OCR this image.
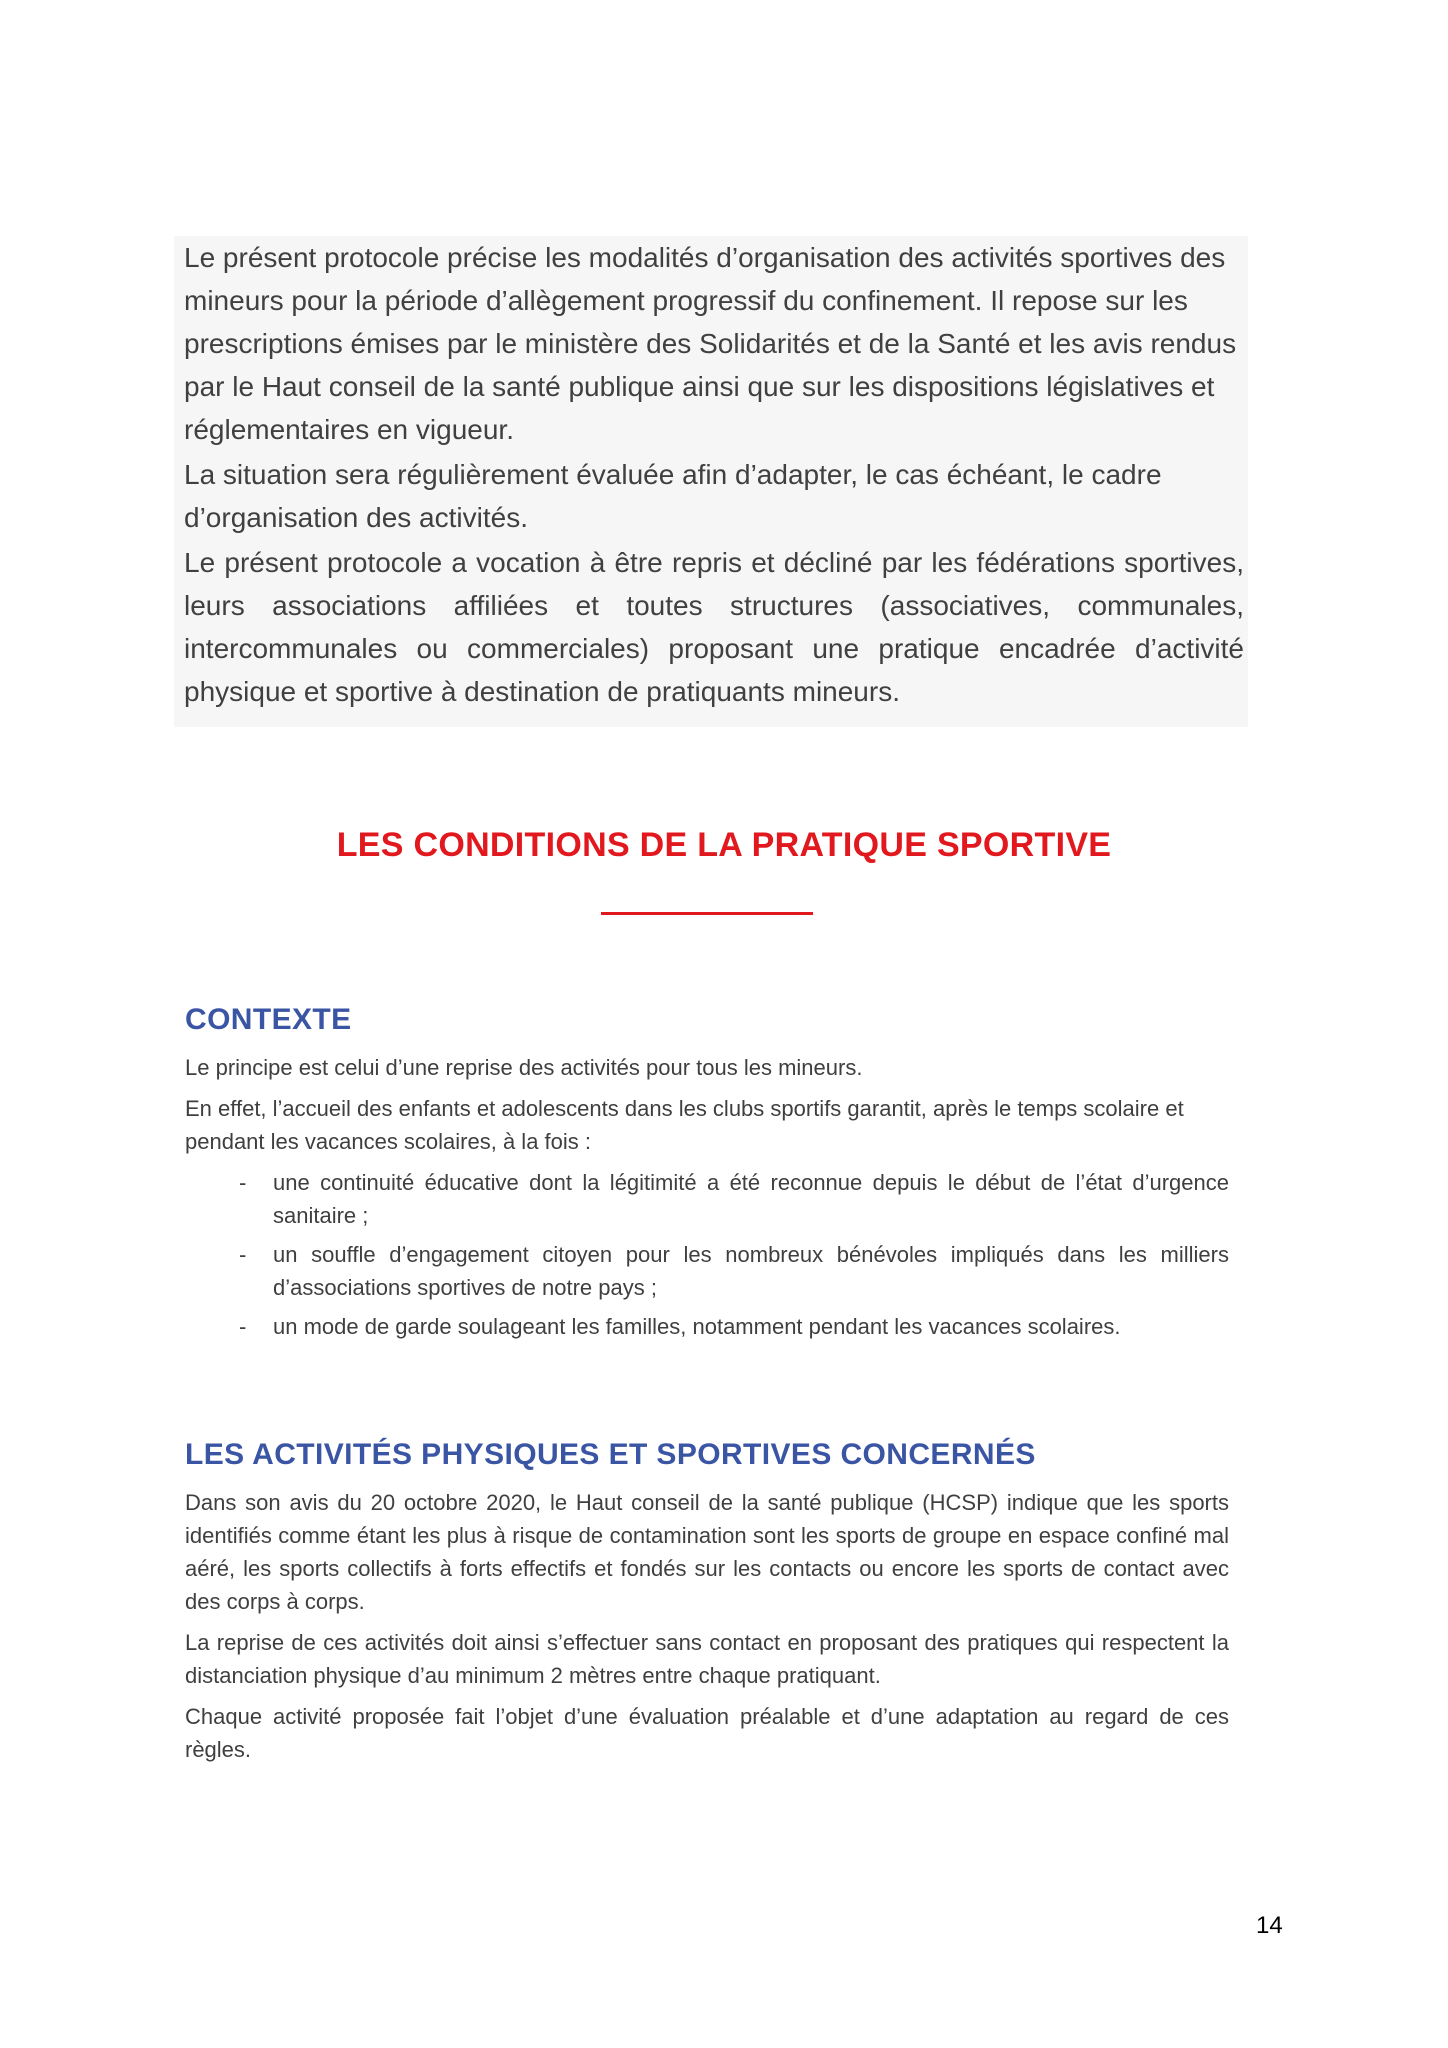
Le présent protocole précise les modalités d’organisation des activités sportives des mineurs pour la période d’allègement progressif du confinement. Il repose sur les prescriptions émises par le ministère des Solidarités et de la Santé et les avis rendus par le Haut conseil de la santé publique ainsi que sur les dispositions législatives et réglementaires en vigueur.

La situation sera régulièrement évaluée afin d’adapter, le cas échéant, le cadre d’organisation des activités.

Le présent protocole a vocation à être repris et décliné par les fédérations sportives, leurs associations affiliées et toutes structures (associatives, communales, intercommunales ou commerciales) proposant une pratique encadrée d’activité physique et sportive à destination de pratiquants mineurs.

LES CONDITIONS DE LA PRATIQUE SPORTIVE
CONTEXTE

Le principe est celui d’une reprise des activités pour tous les mineurs.

En effet, l’accueil des enfants et adolescents dans les clubs sportifs garantit, après le temps scolaire et pendant les vacances scolaires, à la fois :

- une continuité éducative dont la légitimité a été reconnue depuis le début de l’état d’urgence sanitaire ;
- un souffle d’engagement citoyen pour les nombreux bénévoles impliqués dans les milliers d’associations sportives de notre pays ;
- un mode de garde soulageant les familles, notamment pendant les vacances scolaires.
LES ACTIVITÉS PHYSIQUES ET SPORTIVES CONCERNÉS

Dans son avis du 20 octobre 2020, le Haut conseil de la santé publique (HCSP) indique que les sports identifiés comme étant les plus à risque de contamination sont les sports de groupe en espace confiné mal aéré, les sports collectifs à forts effectifs et fondés sur les contacts ou encore les sports de contact avec des corps à corps.

La reprise de ces activités doit ainsi s’effectuer sans contact en proposant des pratiques qui respectent la distanciation physique d’au minimum 2 mètres entre chaque pratiquant.

Chaque activité proposée fait l’objet d’une évaluation préalable et d’une adaptation au regard de ces règles.

14
